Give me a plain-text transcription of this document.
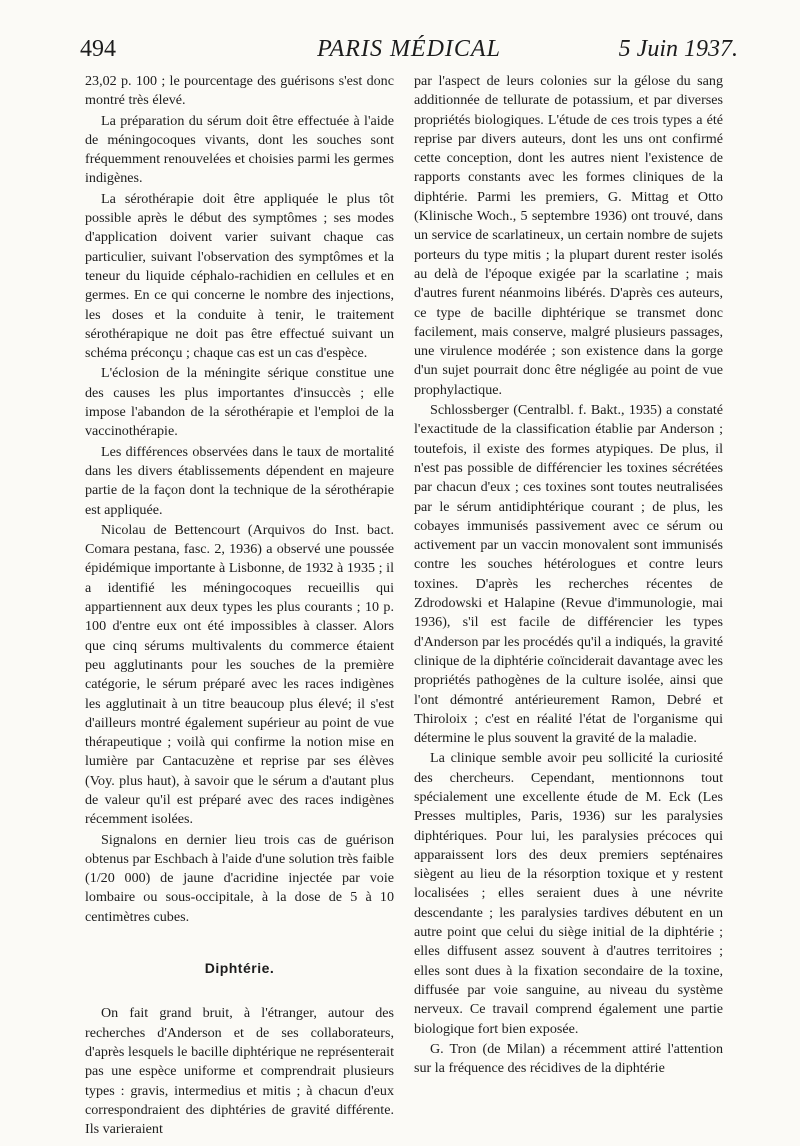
494	PARIS MÉDICAL	5 Juin 1937.

23,02 p. 100 ; le pourcentage des guérisons s'est donc montré très élevé.

La préparation du sérum doit être effectuée à l'aide de méningocoques vivants, dont les souches sont fréquemment renouvelées et choisies parmi les germes indigènes.

La sérothérapie doit être appliquée le plus tôt possible après le début des symptômes ; ses modes d'application doivent varier suivant chaque cas particulier, suivant l'observation des symptômes et la teneur du liquide céphalo-rachidien en cellules et en germes. En ce qui concerne le nombre des injections, les doses et la conduite à tenir, le traitement sérothérapique ne doit pas être effectué suivant un schéma préconçu ; chaque cas est un cas d'espèce.

L'éclosion de la méningite sérique constitue une des causes les plus importantes d'insuccès ; elle impose l'abandon de la sérothérapie et l'emploi de la vaccinothérapie.

Les différences observées dans le taux de mortalité dans les divers établissements dépendent en majeure partie de la façon dont la technique de la sérothérapie est appliquée.

Nicolau de Bettencourt (Arquivos do Inst. bact. Comara pestana, fasc. 2, 1936) a observé une poussée épidémique importante à Lisbonne, de 1932 à 1935 ; il a identifié les méningocoques recueillis qui appartiennent aux deux types les plus courants ; 10 p. 100 d'entre eux ont été impossibles à classer. Alors que cinq sérums multivalents du commerce étaient peu agglutinants pour les souches de la première catégorie, le sérum préparé avec les races indigènes les agglutinait à un titre beaucoup plus élevé; il s'est d'ailleurs montré également supérieur au point de vue thérapeutique ; voilà qui confirme la notion mise en lumière par Cantacuzène et reprise par ses élèves (Voy. plus haut), à savoir que le sérum a d'autant plus de valeur qu'il est préparé avec des races indigènes récemment isolées.

Signalons en dernier lieu trois cas de guérison obtenus par Eschbach à l'aide d'une solution très faible (1/20 000) de jaune d'acridine injectée par voie lombaire ou sous-occipitale, à la dose de 5 à 10 centimètres cubes.

Diphtérie.

On fait grand bruit, à l'étranger, autour des recherches d'Anderson et de ses collaborateurs, d'après lesquels le bacille diphtérique ne représenterait pas une espèce uniforme et comprendrait plusieurs types : gravis, intermedius et mitis ; à chacun d'eux correspondraient des diphtéries de gravité différente. Ils varieraient

par l'aspect de leurs colonies sur la gélose du sang additionnée de tellurate de potassium, et par diverses propriétés biologiques. L'étude de ces trois types a été reprise par divers auteurs, dont les uns ont confirmé cette conception, dont les autres nient l'existence de rapports constants avec les formes cliniques de la diphtérie. Parmi les premiers, G. Mittag et Otto (Klinische Woch., 5 septembre 1936) ont trouvé, dans un service de scarlatineux, un certain nombre de sujets porteurs du type mitis ; la plupart durent rester isolés au delà de l'époque exigée par la scarlatine ; mais d'autres furent néanmoins libérés. D'après ces auteurs, ce type de bacille diphtérique se transmet donc facilement, mais conserve, malgré plusieurs passages, une virulence modérée ; son existence dans la gorge d'un sujet pourrait donc être négligée au point de vue prophylactique.

Schlossberger (Centralbl. f. Bakt., 1935) a constaté l'exactitude de la classification établie par Anderson ; toutefois, il existe des formes atypiques. De plus, il n'est pas possible de différencier les toxines sécrétées par chacun d'eux ; ces toxines sont toutes neutralisées par le sérum antidiphtérique courant ; de plus, les cobayes immunisés passivement avec ce sérum ou activement par un vaccin monovalent sont immunisés contre les souches hétérologues et contre leurs toxines. D'après les recherches récentes de Zdrodowski et Halapine (Revue d'immunologie, mai 1936), s'il est facile de différencier les types d'Anderson par les procédés qu'il a indiqués, la gravité clinique de la diphtérie coïnciderait davantage avec les propriétés pathogènes de la culture isolée, ainsi que l'ont démontré antérieurement Ramon, Debré et Thiroloix ; c'est en réalité l'état de l'organisme qui détermine le plus souvent la gravité de la maladie.

La clinique semble avoir peu sollicité la curiosité des chercheurs. Cependant, mentionnons tout spécialement une excellente étude de M. Eck (Les Presses multiples, Paris, 1936) sur les paralysies diphtériques. Pour lui, les paralysies précoces qui apparaissent lors des deux premiers septénaires siègent au lieu de la résorption toxique et y restent localisées ; elles seraient dues à une névrite descendante ; les paralysies tardives débutent en un autre point que celui du siège initial de la diphtérie ; elles diffusent assez souvent à d'autres territoires ; elles sont dues à la fixation secondaire de la toxine, diffusée par voie sanguine, au niveau du système nerveux. Ce travail comprend également une partie biologique fort bien exposée.

G. Tron (de Milan) a récemment attiré l'attention sur la fréquence des récidives de la diphtérie
